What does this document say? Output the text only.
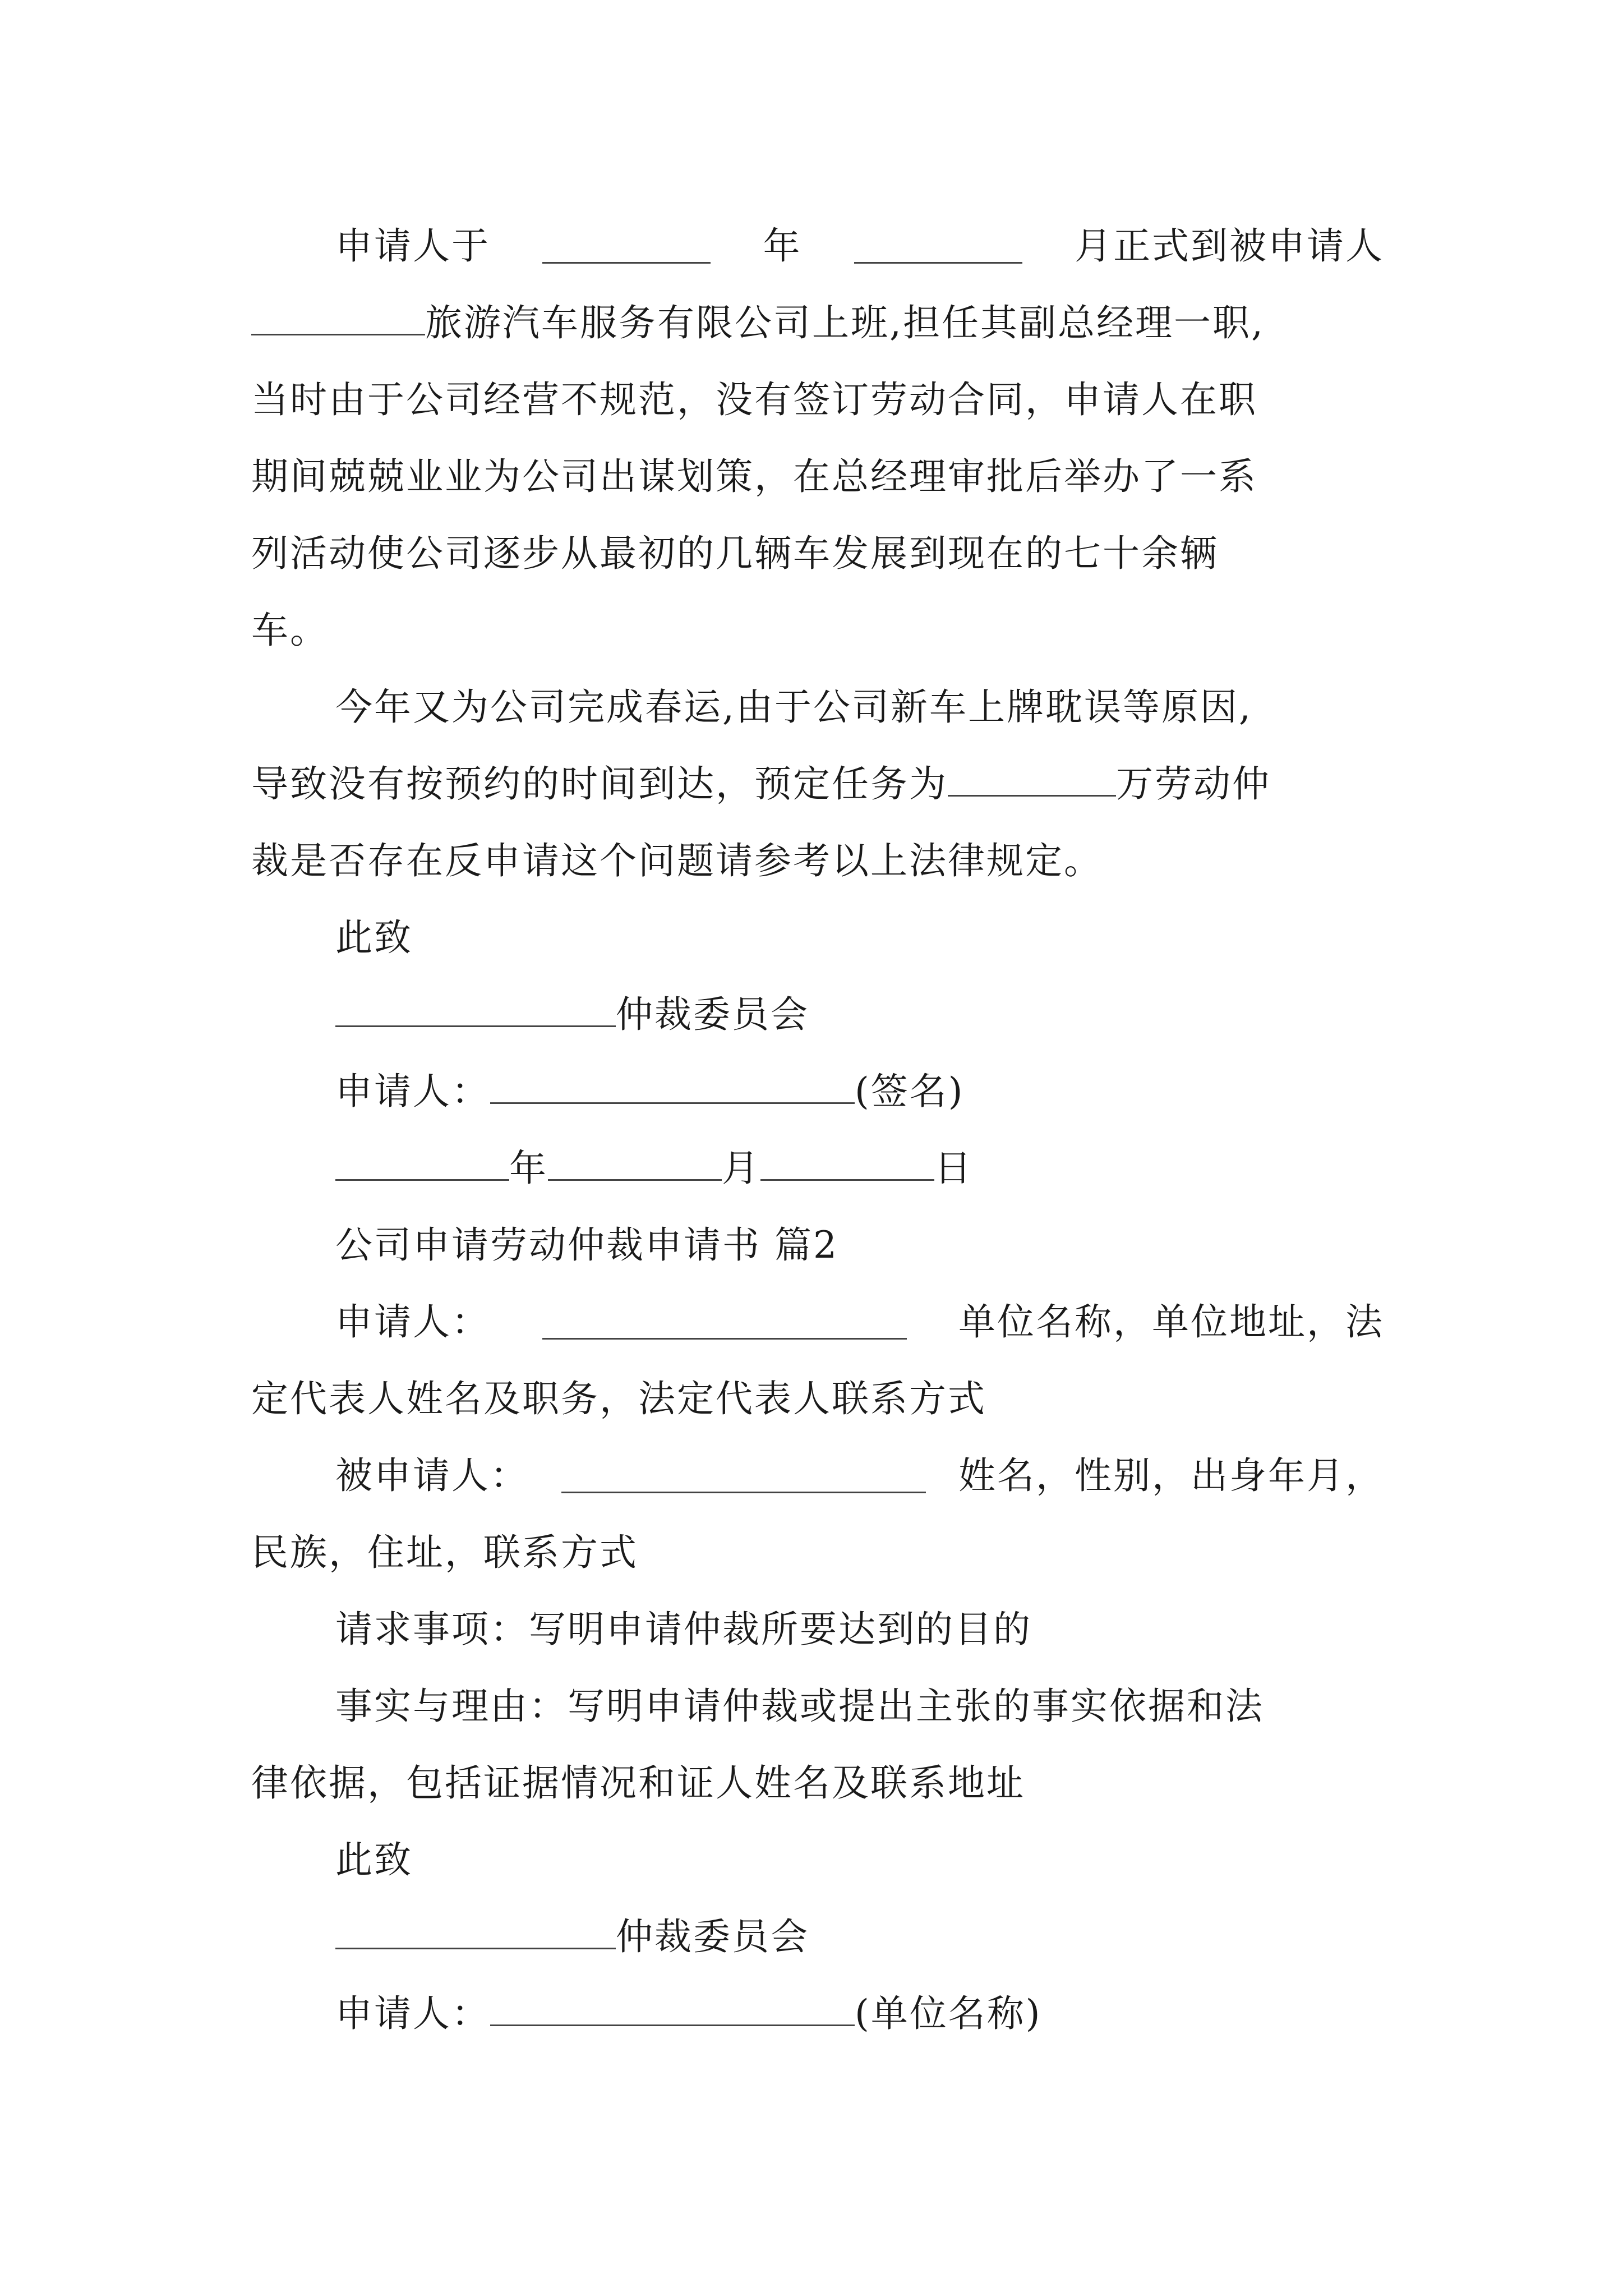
申请人于	年	月正式到被申请人
旅游汽车服务有限公司上班,担任其副总经理一职,
当时由于公司经营不规范，没有签订劳动合同，申请人在职
期间兢兢业业为公司出谋划策，在总经理审批后举办了一系
列活动使公司逐步从最初的几辆车发展到现在的七十余辆
车。
今年又为公司完成春运,由于公司新车上牌耽误等原因,
导致没有按预约的时间到达，预定任务为	万劳动仲
裁是否存在反申请这个问题请参考以上法律规定。
此致
仲裁委员会
申请人：	(签名)
年	月	日
公司申请劳动仲裁申请书 篇2
申请人：	单位名称，单位地址，法
定代表人姓名及职务，法定代表人联系方式
被申请人：	姓名，性别，出身年月，
民族，住址，联系方式
请求事项：写明申请仲裁所要达到的目的
事实与理由：写明申请仲裁或提出主张的事实依据和法
律依据，包括证据情况和证人姓名及联系地址
此致
仲裁委员会
申请人：	(单位名称)
